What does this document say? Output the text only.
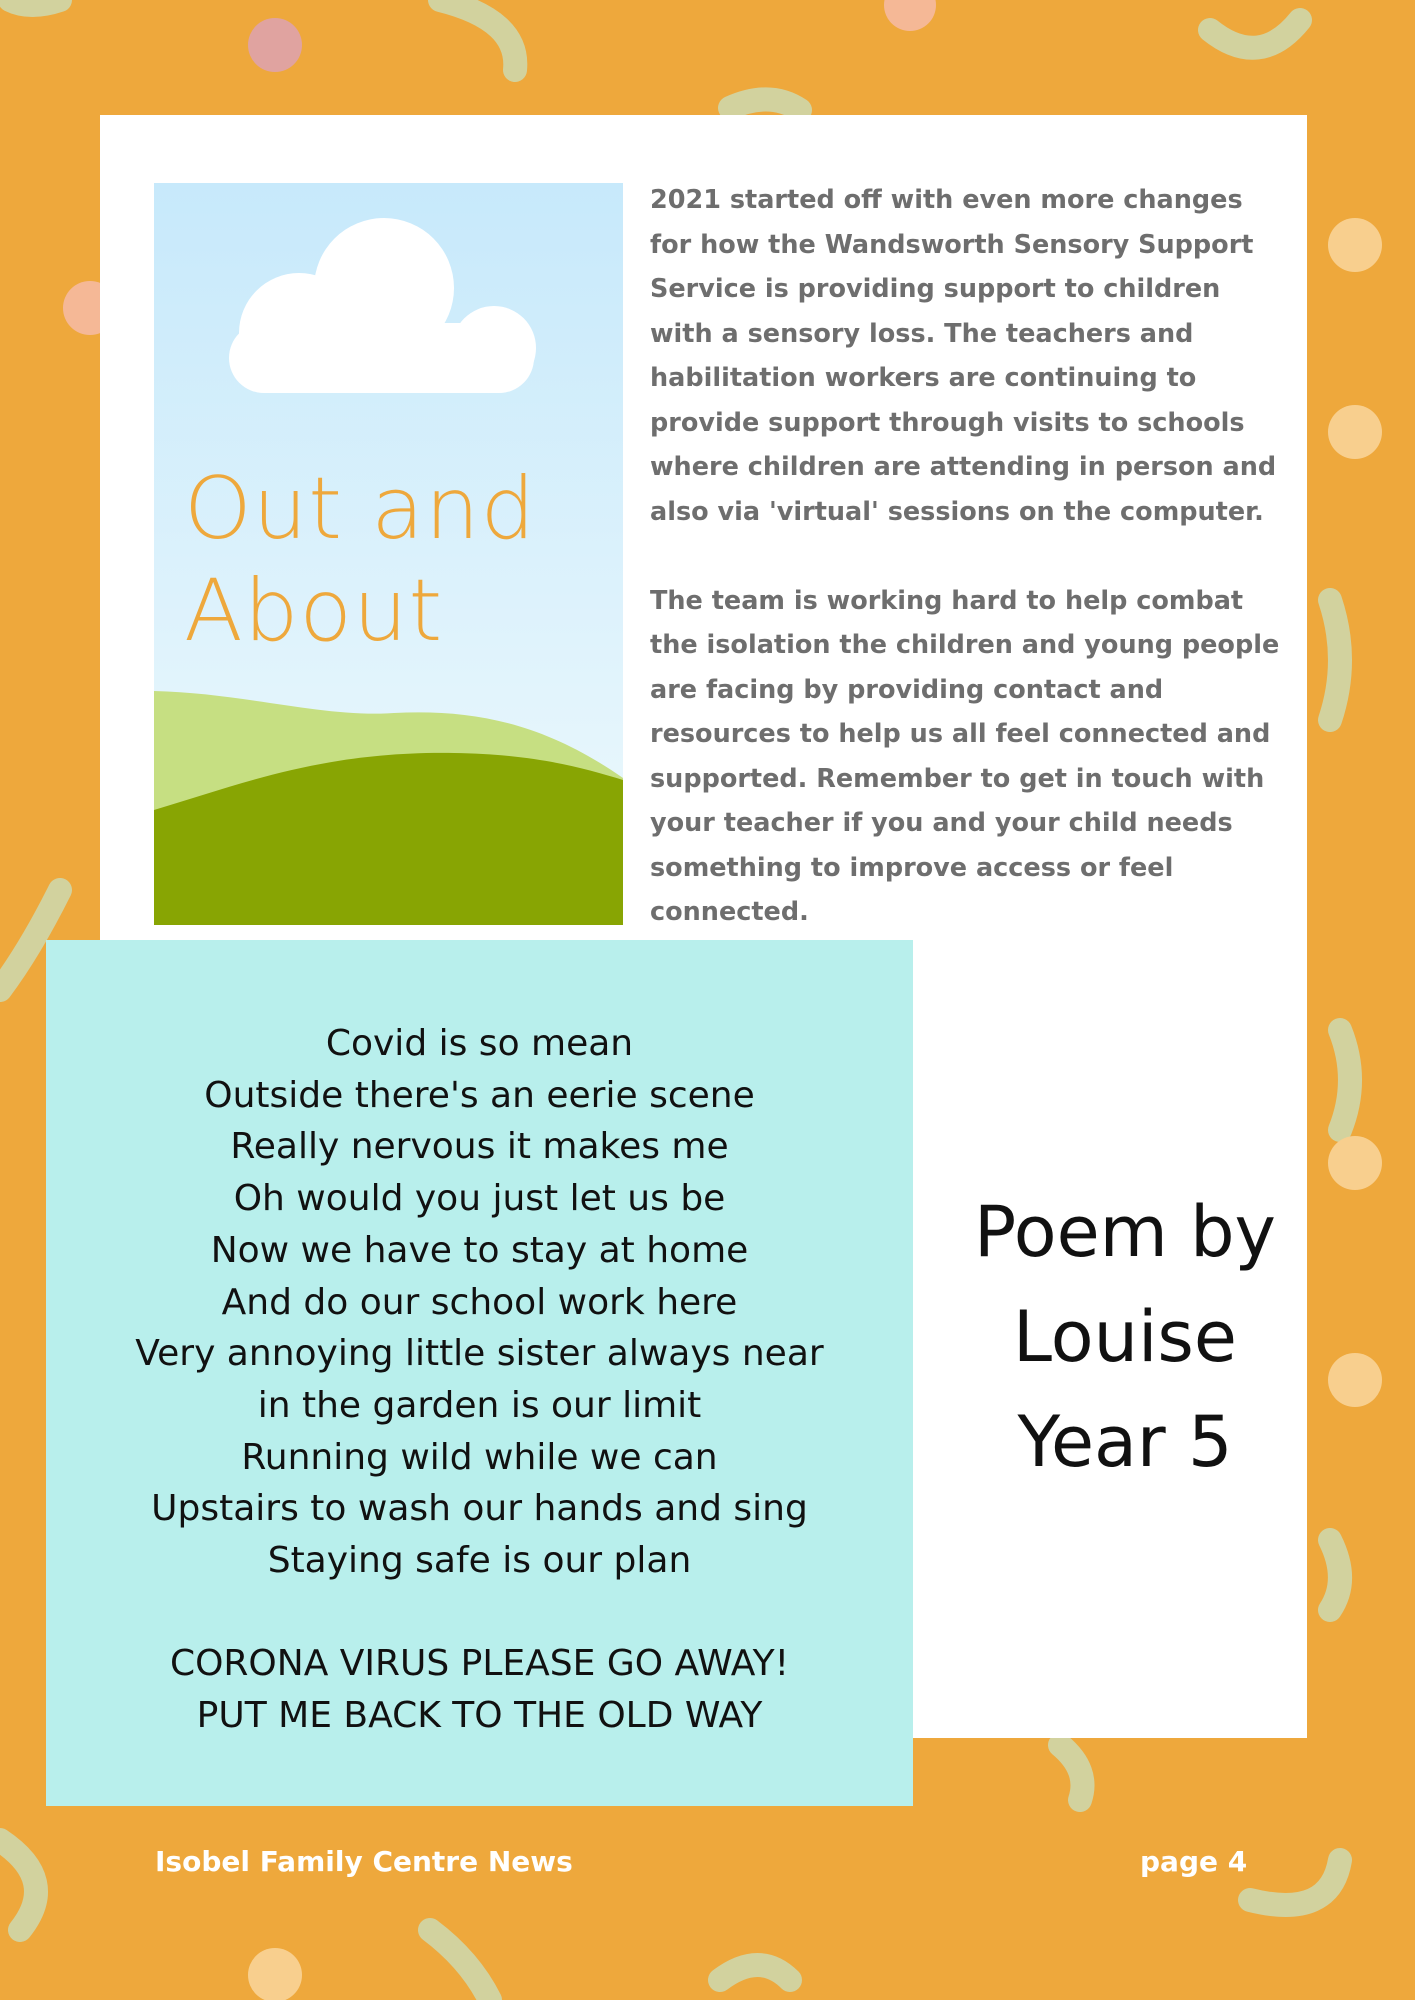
Out and
About

2021 started off with even more changes for how the Wandsworth Sensory Support Service is providing support to children with a sensory loss. The teachers and habilitation workers are continuing to provide support through visits to schools where children are attending in person and also via 'virtual' sessions on the computer.

The team is working hard to help combat the isolation the children and young people are facing by providing contact and resources to help us all feel connected and supported. Remember to get in touch with your teacher if you and your child needs something to improve access or feel connected.

Covid is so mean
Outside there's an eerie scene
Really nervous it makes me
Oh would you just let us be
Now we have to stay at home
And do our school work here
Very annoying little sister always near
in the garden is our limit
Running wild while we can
Upstairs to wash our hands and sing
Staying safe is our plan
CORONA VIRUS PLEASE GO AWAY!
PUT ME BACK TO THE OLD WAY
Poem by
Louise
Year 5
Isobel Family Centre News	page 4
